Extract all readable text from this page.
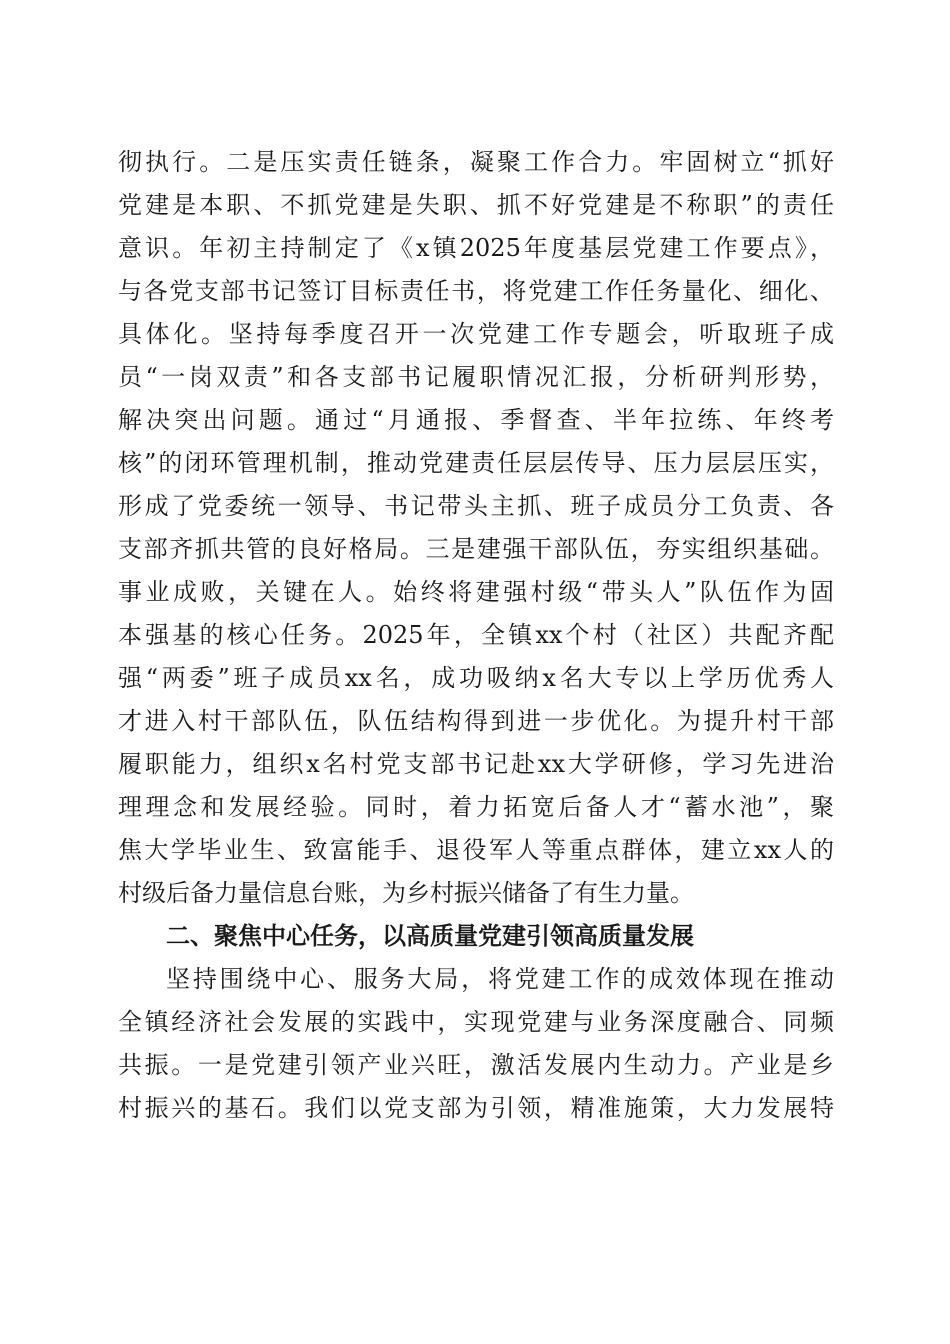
彻执行。二是压实责任链条，凝聚工作合力。牢固树立“抓好
党建是本职、不抓党建是失职、抓不好党建是不称职”的责任
意识。年初主持制定了《x镇2025年度基层党建工作要点》，
与各党支部书记签订目标责任书，将党建工作任务量化、细化、
具体化。坚持每季度召开一次党建工作专题会，听取班子成
员“一岗双责”和各支部书记履职情况汇报，分析研判形势，
解决突出问题。通过“月通报、季督查、半年拉练、年终考
核”的闭环管理机制，推动党建责任层层传导、压力层层压实，
形成了党委统一领导、书记带头主抓、班子成员分工负责、各
支部齐抓共管的良好格局。三是建强干部队伍，夯实组织基础。
事业成败，关键在人。始终将建强村级“带头人”队伍作为固
本强基的核心任务。2025年，全镇xx个村（社区）共配齐配
强“两委”班子成员xx名，成功吸纳x名大专以上学历优秀人
才进入村干部队伍，队伍结构得到进一步优化。为提升村干部
履职能力，组织x名村党支部书记赴xx大学研修，学习先进治
理理念和发展经验。同时，着力拓宽后备人才“蓄水池”，聚
焦大学毕业生、致富能手、退役军人等重点群体，建立xx人的
村级后备力量信息台账，为乡村振兴储备了有生力量。
二、聚焦中心任务，以高质量党建引领高质量发展
坚持围绕中心、服务大局，将党建工作的成效体现在推动
全镇经济社会发展的实践中，实现党建与业务深度融合、同频
共振。一是党建引领产业兴旺，激活发展内生动力。产业是乡
村振兴的基石。我们以党支部为引领，精准施策，大力发展特
